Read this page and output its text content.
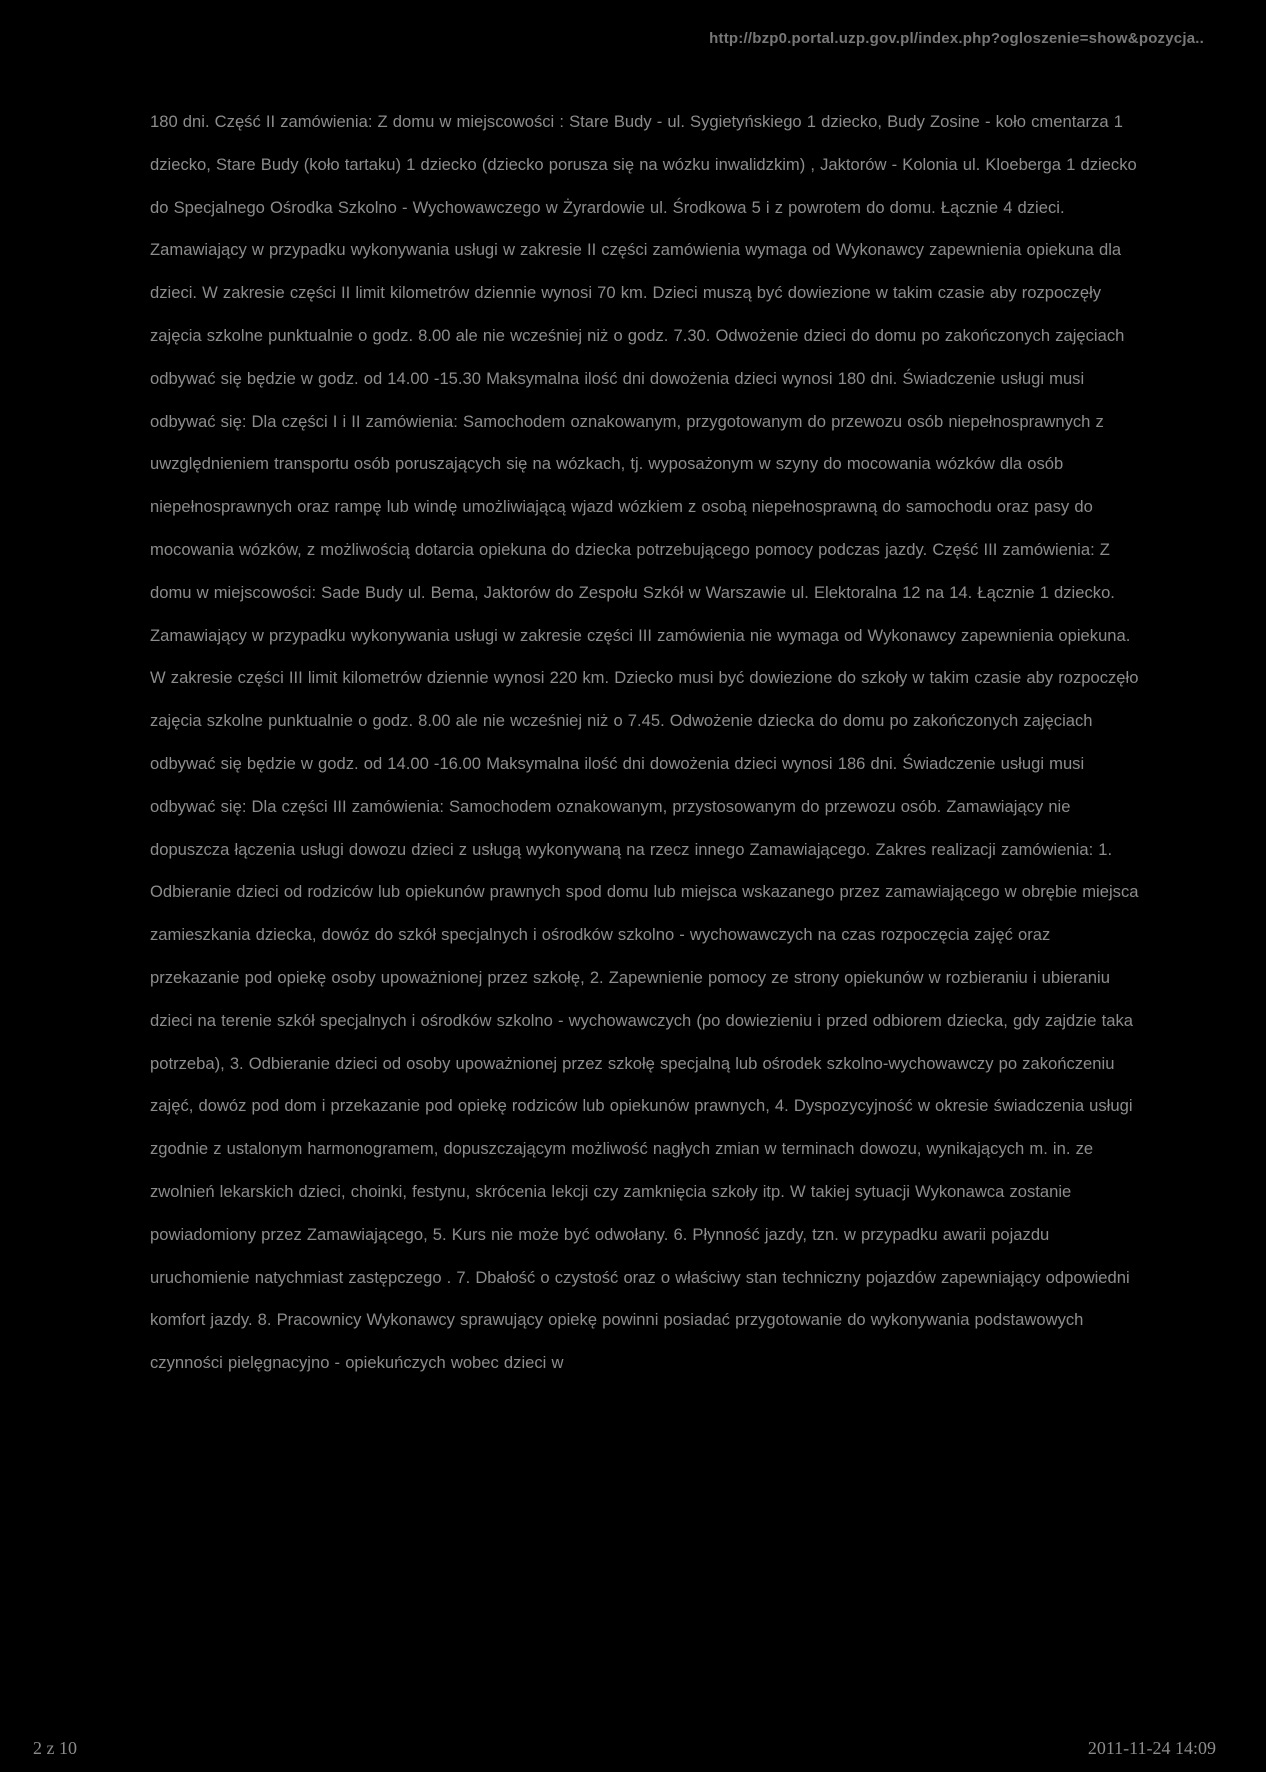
http://bzp0.portal.uzp.gov.pl/index.php?ogloszenie=show&pozycja..

180 dni. Część II zamówienia: Z domu w miejscowości : Stare Budy - ul. Sygietyńskiego 1 dziecko, Budy Zosine - koło cmentarza 1 dziecko, Stare Budy (koło tartaku) 1 dziecko (dziecko porusza się na wózku inwalidzkim) , Jaktorów - Kolonia ul. Kloeberga 1 dziecko do Specjalnego Ośrodka Szkolno - Wychowawczego w Żyrardowie ul. Środkowa 5 i z powrotem do domu. Łącznie 4 dzieci. Zamawiający w przypadku wykonywania usługi w zakresie II części zamówienia wymaga od Wykonawcy zapewnienia opiekuna dla dzieci. W zakresie części II limit kilometrów dziennie wynosi 70 km. Dzieci muszą być dowiezione w takim czasie aby rozpoczęły zajęcia szkolne punktualnie o godz. 8.00 ale nie wcześniej niż o godz. 7.30. Odwożenie dzieci do domu po zakończonych zajęciach odbywać się będzie w godz. od 14.00 -15.30 Maksymalna ilość dni dowożenia dzieci wynosi 180 dni. Świadczenie usługi musi odbywać się: Dla części I i II zamówienia: Samochodem oznakowanym, przygotowanym do przewozu osób niepełnosprawnych z uwzględnieniem transportu osób poruszających się na wózkach, tj. wyposażonym w szyny do mocowania wózków dla osób niepełnosprawnych oraz rampę lub windę umożliwiającą wjazd wózkiem z osobą niepełnosprawną do samochodu oraz pasy do mocowania wózków, z możliwością dotarcia opiekuna do dziecka potrzebującego pomocy podczas jazdy. Część III zamówienia: Z domu w miejscowości: Sade Budy ul. Bema, Jaktorów do Zespołu Szkół w Warszawie ul. Elektoralna 12 na 14. Łącznie 1 dziecko. Zamawiający w przypadku wykonywania usługi w zakresie części III zamówienia nie wymaga od Wykonawcy zapewnienia opiekuna. W zakresie części III limit kilometrów dziennie wynosi 220 km. Dziecko musi być dowiezione do szkoły w takim czasie aby rozpoczęło zajęcia szkolne punktualnie o godz. 8.00 ale nie wcześniej niż o 7.45. Odwożenie dziecka do domu po zakończonych zajęciach odbywać się będzie w godz. od 14.00 -16.00 Maksymalna ilość dni dowożenia dzieci wynosi 186 dni. Świadczenie usługi musi odbywać się: Dla części III zamówienia: Samochodem oznakowanym, przystosowanym do przewozu osób. Zamawiający nie dopuszcza łączenia usługi dowozu dzieci z usługą wykonywaną na rzecz innego Zamawiającego. Zakres realizacji zamówienia: 1. Odbieranie dzieci od rodziców lub opiekunów prawnych spod domu lub miejsca wskazanego przez zamawiającego w obrębie miejsca zamieszkania dziecka, dowóz do szkół specjalnych i ośrodków szkolno - wychowawczych na czas rozpoczęcia zajęć oraz przekazanie pod opiekę osoby upoważnionej przez szkołę, 2. Zapewnienie pomocy ze strony opiekunów w rozbieraniu i ubieraniu dzieci na terenie szkół specjalnych i ośrodków szkolno - wychowawczych (po dowiezieniu i przed odbiorem dziecka, gdy zajdzie taka potrzeba), 3. Odbieranie dzieci od osoby upoważnionej przez szkołę specjalną lub ośrodek szkolno-wychowawczy po zakończeniu zajęć, dowóz pod dom i przekazanie pod opiekę rodziców lub opiekunów prawnych, 4. Dyspozycyjność w okresie świadczenia usługi zgodnie z ustalonym harmonogramem, dopuszczającym możliwość nagłych zmian w terminach dowozu, wynikających m. in. ze zwolnień lekarskich dzieci, choinki, festynu, skrócenia lekcji czy zamknięcia szkoły itp. W takiej sytuacji Wykonawca zostanie powiadomiony przez Zamawiającego, 5. Kurs nie może być odwołany. 6. Płynność jazdy, tzn. w przypadku awarii pojazdu uruchomienie natychmiast zastępczego . 7. Dbałość o czystość oraz o właściwy stan techniczny pojazdów zapewniający odpowiedni komfort jazdy. 8. Pracownicy Wykonawcy sprawujący opiekę powinni posiadać przygotowanie do wykonywania podstawowych czynności pielęgnacyjno - opiekuńczych wobec dzieci w

2 z 10	2011-11-24 14:09
